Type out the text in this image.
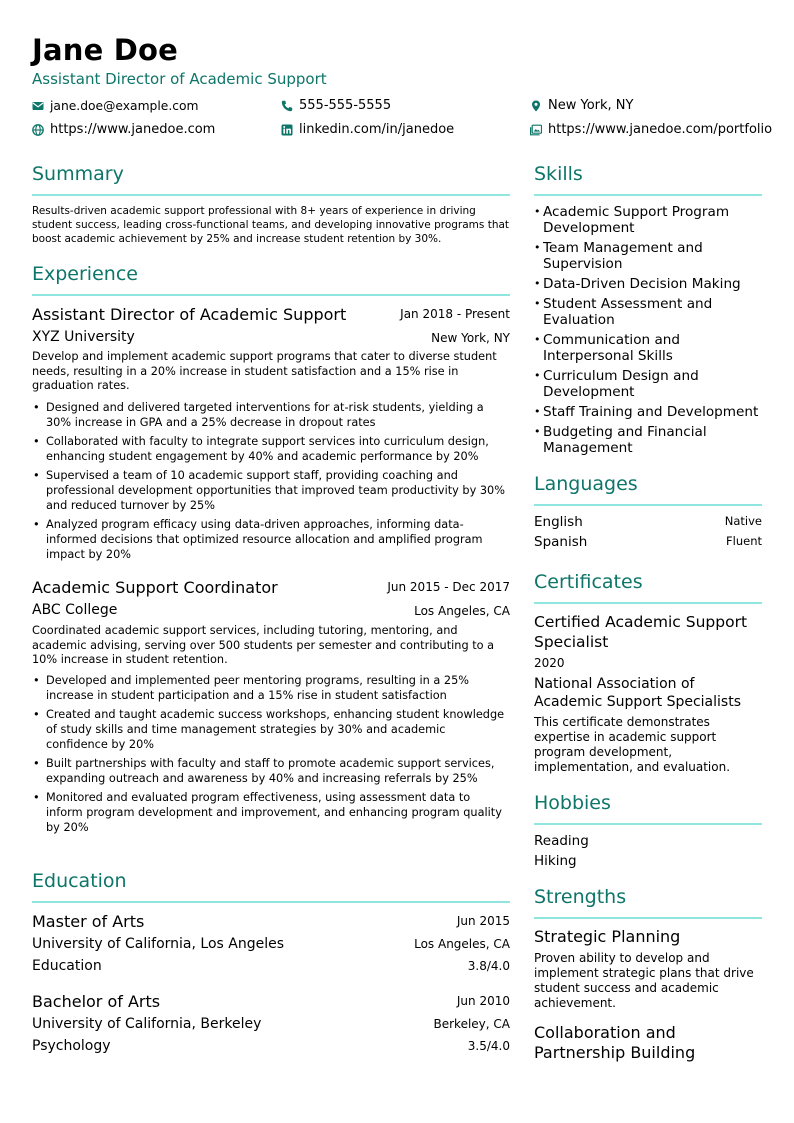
Jane Doe
Assistant Director of Academic Support
jane.doe@example.com	555-555-5555	New York, NY
https://www.janedoe.com	linkedin.com/in/janedoe	https://www.janedoe.com/portfolio
Summary
Results-driven academic support professional with 8+ years of experience in driving student success, leading cross-functional teams, and developing innovative programs that boost academic achievement by 25% and increase student retention by 30%.
Experience
Assistant Director of Academic Support	Jan 2018 - Present
XYZ University	New York, NY
Develop and implement academic support programs that cater to diverse student needs, resulting in a 20% increase in student satisfaction and a 15% rise in graduation rates.
• Designed and delivered targeted interventions for at-risk students, yielding a 30% increase in GPA and a 25% decrease in dropout rates
• Collaborated with faculty to integrate support services into curriculum design, enhancing student engagement by 40% and academic performance by 20%
• Supervised a team of 10 academic support staff, providing coaching and professional development opportunities that improved team productivity by 30% and reduced turnover by 25%
• Analyzed program efficacy using data-driven approaches, informing data-informed decisions that optimized resource allocation and amplified program impact by 20%
Academic Support Coordinator	Jun 2015 - Dec 2017
ABC College	Los Angeles, CA
Coordinated academic support services, including tutoring, mentoring, and academic advising, serving over 500 students per semester and contributing to a 10% increase in student retention.
• Developed and implemented peer mentoring programs, resulting in a 25% increase in student participation and a 15% rise in student satisfaction
• Created and taught academic success workshops, enhancing student knowledge of study skills and time management strategies by 30% and academic confidence by 20%
• Built partnerships with faculty and staff to promote academic support services, expanding outreach and awareness by 40% and increasing referrals by 25%
• Monitored and evaluated program effectiveness, using assessment data to inform program development and improvement, and enhancing program quality by 20%
Education
Master of Arts	Jun 2015
University of California, Los Angeles	Los Angeles, CA
Education	3.8/4.0
Bachelor of Arts	Jun 2010
University of California, Berkeley	Berkeley, CA
Psychology	3.5/4.0
Skills
• Academic Support Program Development
• Team Management and Supervision
• Data-Driven Decision Making
• Student Assessment and Evaluation
• Communication and Interpersonal Skills
• Curriculum Design and Development
• Staff Training and Development
• Budgeting and Financial Management
Languages
English	Native
Spanish	Fluent
Certificates
Certified Academic Support Specialist
2020
National Association of Academic Support Specialists
This certificate demonstrates expertise in academic support program development, implementation, and evaluation.
Hobbies
Reading
Hiking
Strengths
Strategic Planning
Proven ability to develop and implement strategic plans that drive student success and academic achievement.
Collaboration and Partnership Building
